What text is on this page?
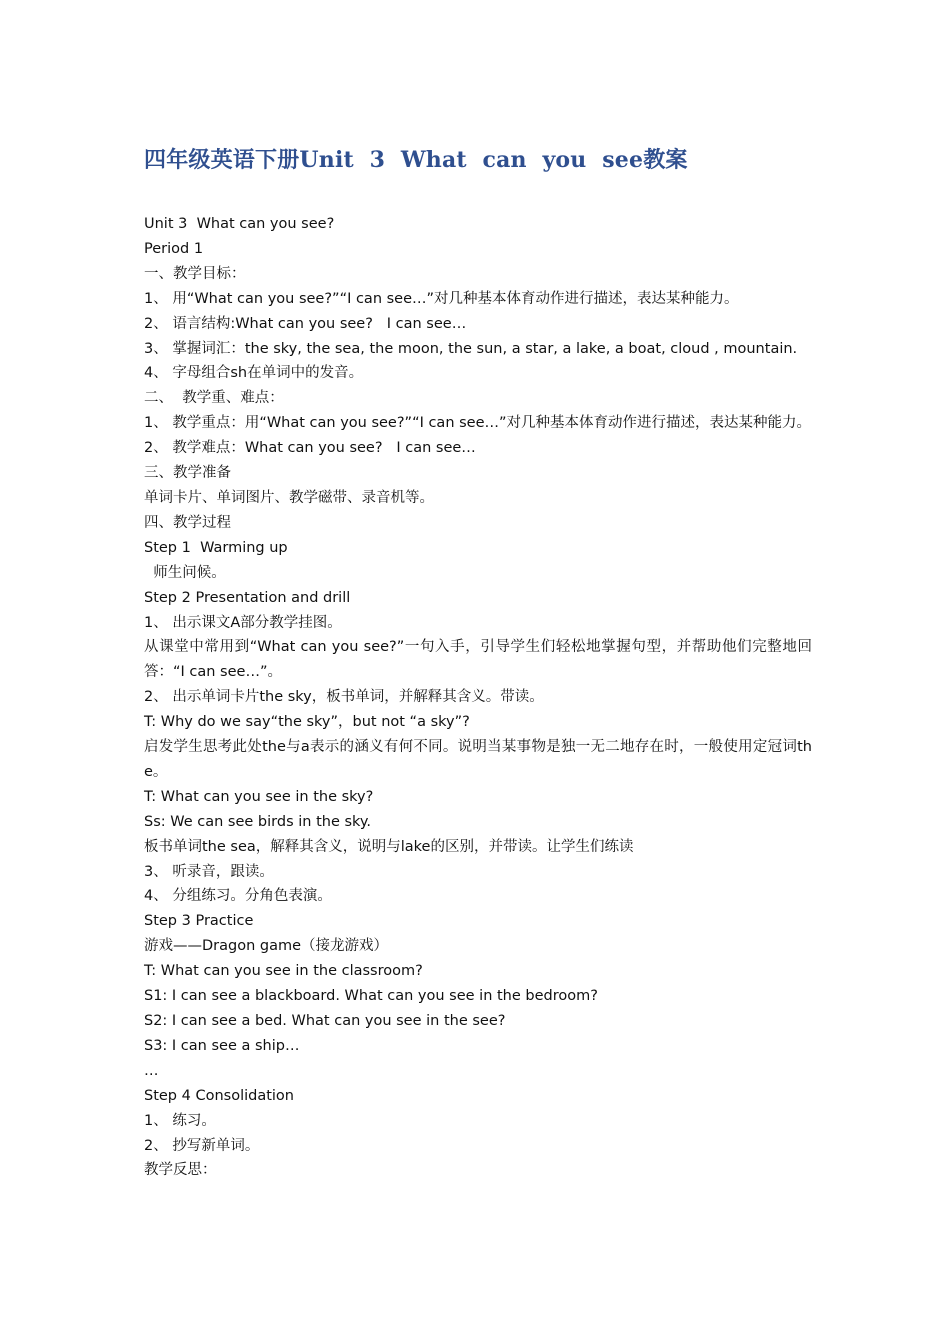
四年级英语下册Unit  3  What  can  you  see教案

Unit 3  What can you see?

Period 1

一、教学目标：

1、 用“What can you see?”“I can see…”对几种基本体育动作进行描述，表达某种能力。

2、 语言结构:What can you see?   I can see…

3、 掌握词汇：the sky, the sea, the moon, the sun, a star, a lake, a boat, cloud , mountain.

4、 字母组合sh在单词中的发音。

二、  教学重、难点：

1、 教学重点：用“What can you see?”“I can see…”对几种基本体育动作进行描述，表达某种能力。

2、 教学难点：What can you see?   I can see…

三、教学准备

单词卡片、单词图片、教学磁带、录音机等。

四、教学过程

Step 1  Warming up

师生问候。

Step 2 Presentation and drill

1、 出示课文A部分教学挂图。

从课堂中常用到“What can you see?”一句入手，引导学生们轻松地掌握句型，并帮助他们完整地回答：“I can see…”。

2、 出示单词卡片the sky，板书单词，并解释其含义。带读。

T: Why do we say“the sky”，but not “a sky”?

启发学生思考此处the与a表示的涵义有何不同。说明当某事物是独一无二地存在时，一般使用定冠词the。

T: What can you see in the sky?

Ss: We can see birds in the sky.

板书单词the sea，解释其含义，说明与lake的区别，并带读。让学生们练读

3、 听录音，跟读。

4、 分组练习。分角色表演。

Step 3 Practice

游戏——Dragon game（接龙游戏）

T: What can you see in the classroom?

S1: I can see a blackboard. What can you see in the bedroom?

S2: I can see a bed. What can you see in the see?

S3: I can see a ship…

…

Step 4 Consolidation

1、 练习。

2、 抄写新单词。

教学反思：
